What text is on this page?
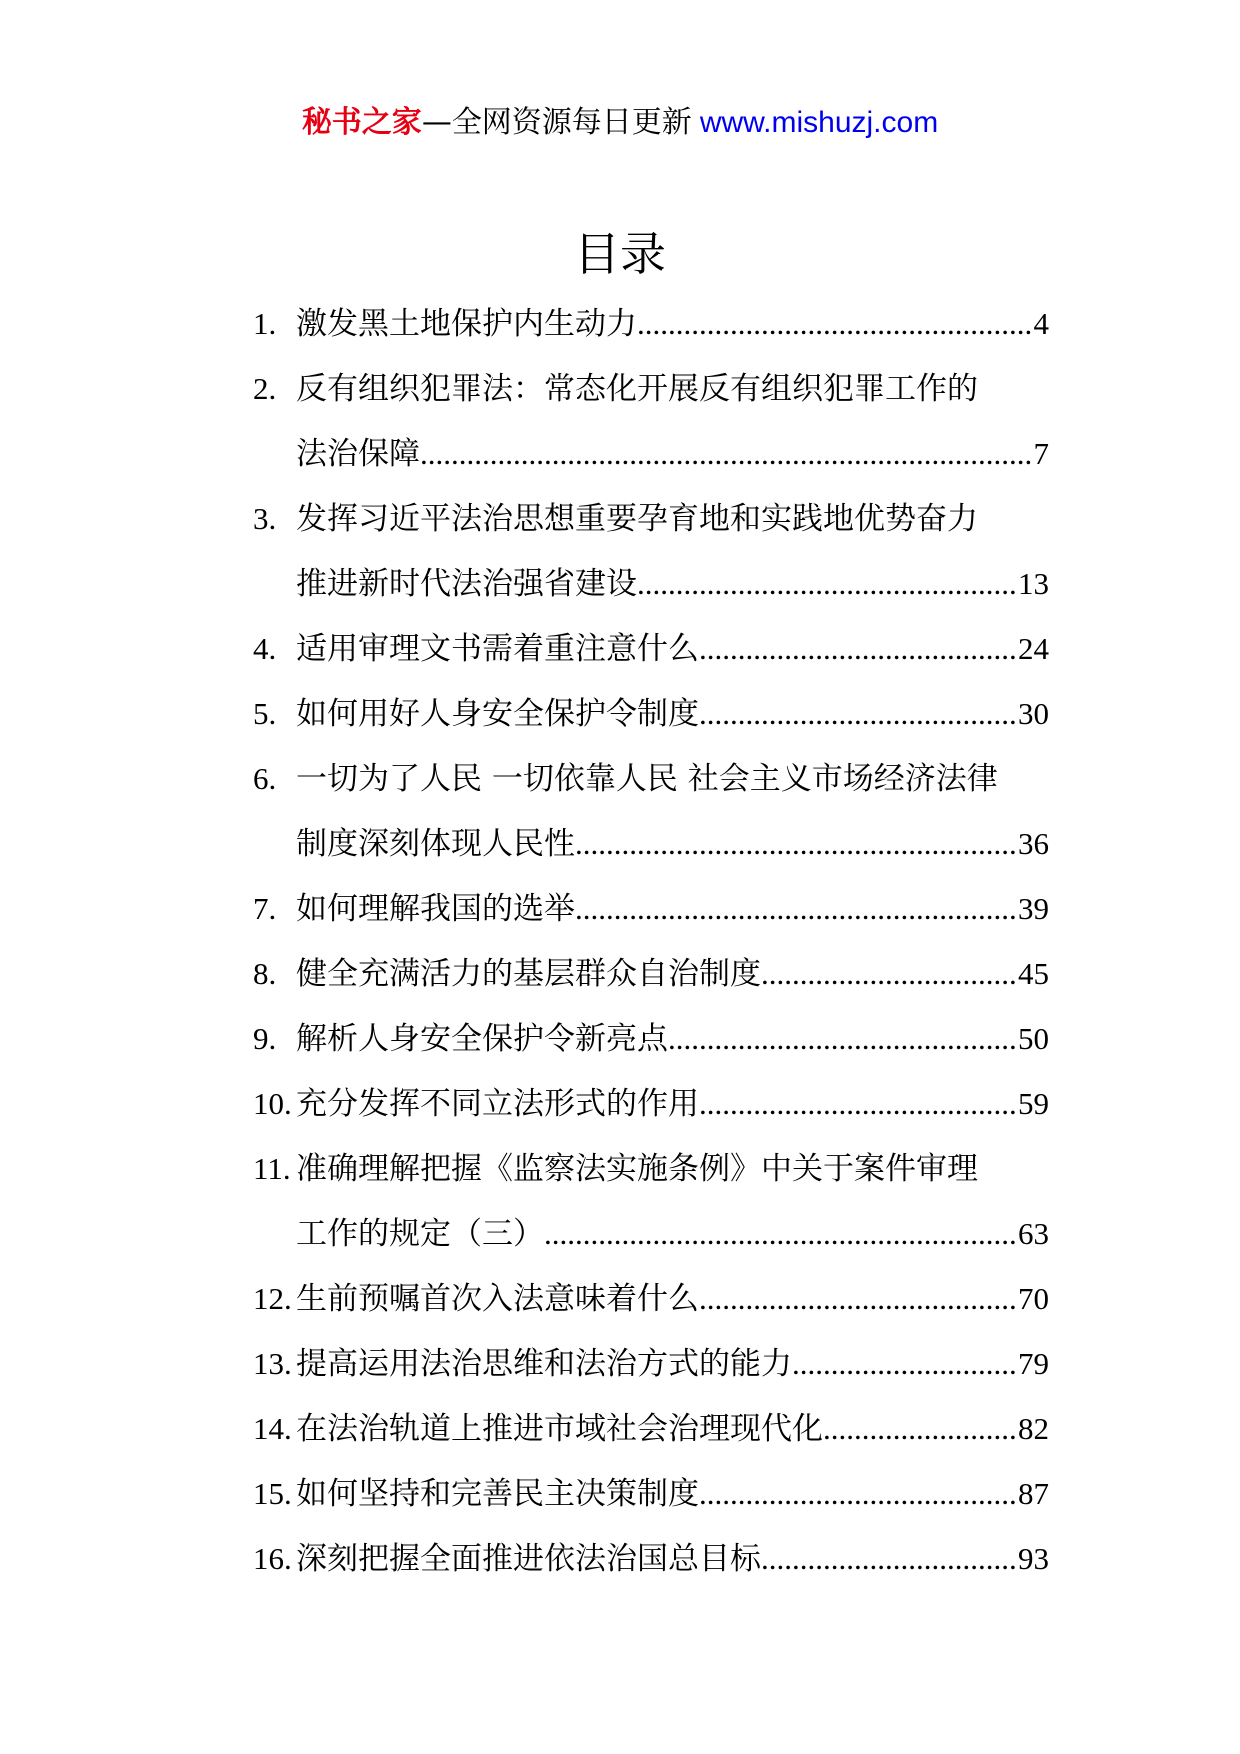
秘书之家—全网资源每日更新 www.mishuzj.com
目录
1. 激发黑土地保护内生动力 .....	4
2. 反有组织犯罪法：常态化开展反有组织犯罪工作的
法治保障 .....	7
3. 发挥习近平法治思想重要孕育地和实践地优势奋力
推进新时代法治强省建设 .....	13
4. 适用审理文书需着重注意什么 .....	24
5. 如何用好人身安全保护令制度 .....	30
6. 一切为了人民 一切依靠人民 社会主义市场经济法律
制度深刻体现人民性 .....	36
7. 如何理解我国的选举 .....	39
8. 健全充满活力的基层群众自治制度 .....	45
9. 解析人身安全保护令新亮点 .....	50
10. 充分发挥不同立法形式的作用 .....	59
11. 准确理解把握《监察法实施条例》中关于案件审理
工作的规定（三） .....	63
12. 生前预嘱首次入法意味着什么 .....	70
13. 提高运用法治思维和法治方式的能力 .....	79
14. 在法治轨道上推进市域社会治理现代化 .....	82
15. 如何坚持和完善民主决策制度 .....	87
16. 深刻把握全面推进依法治国总目标 .....	93
